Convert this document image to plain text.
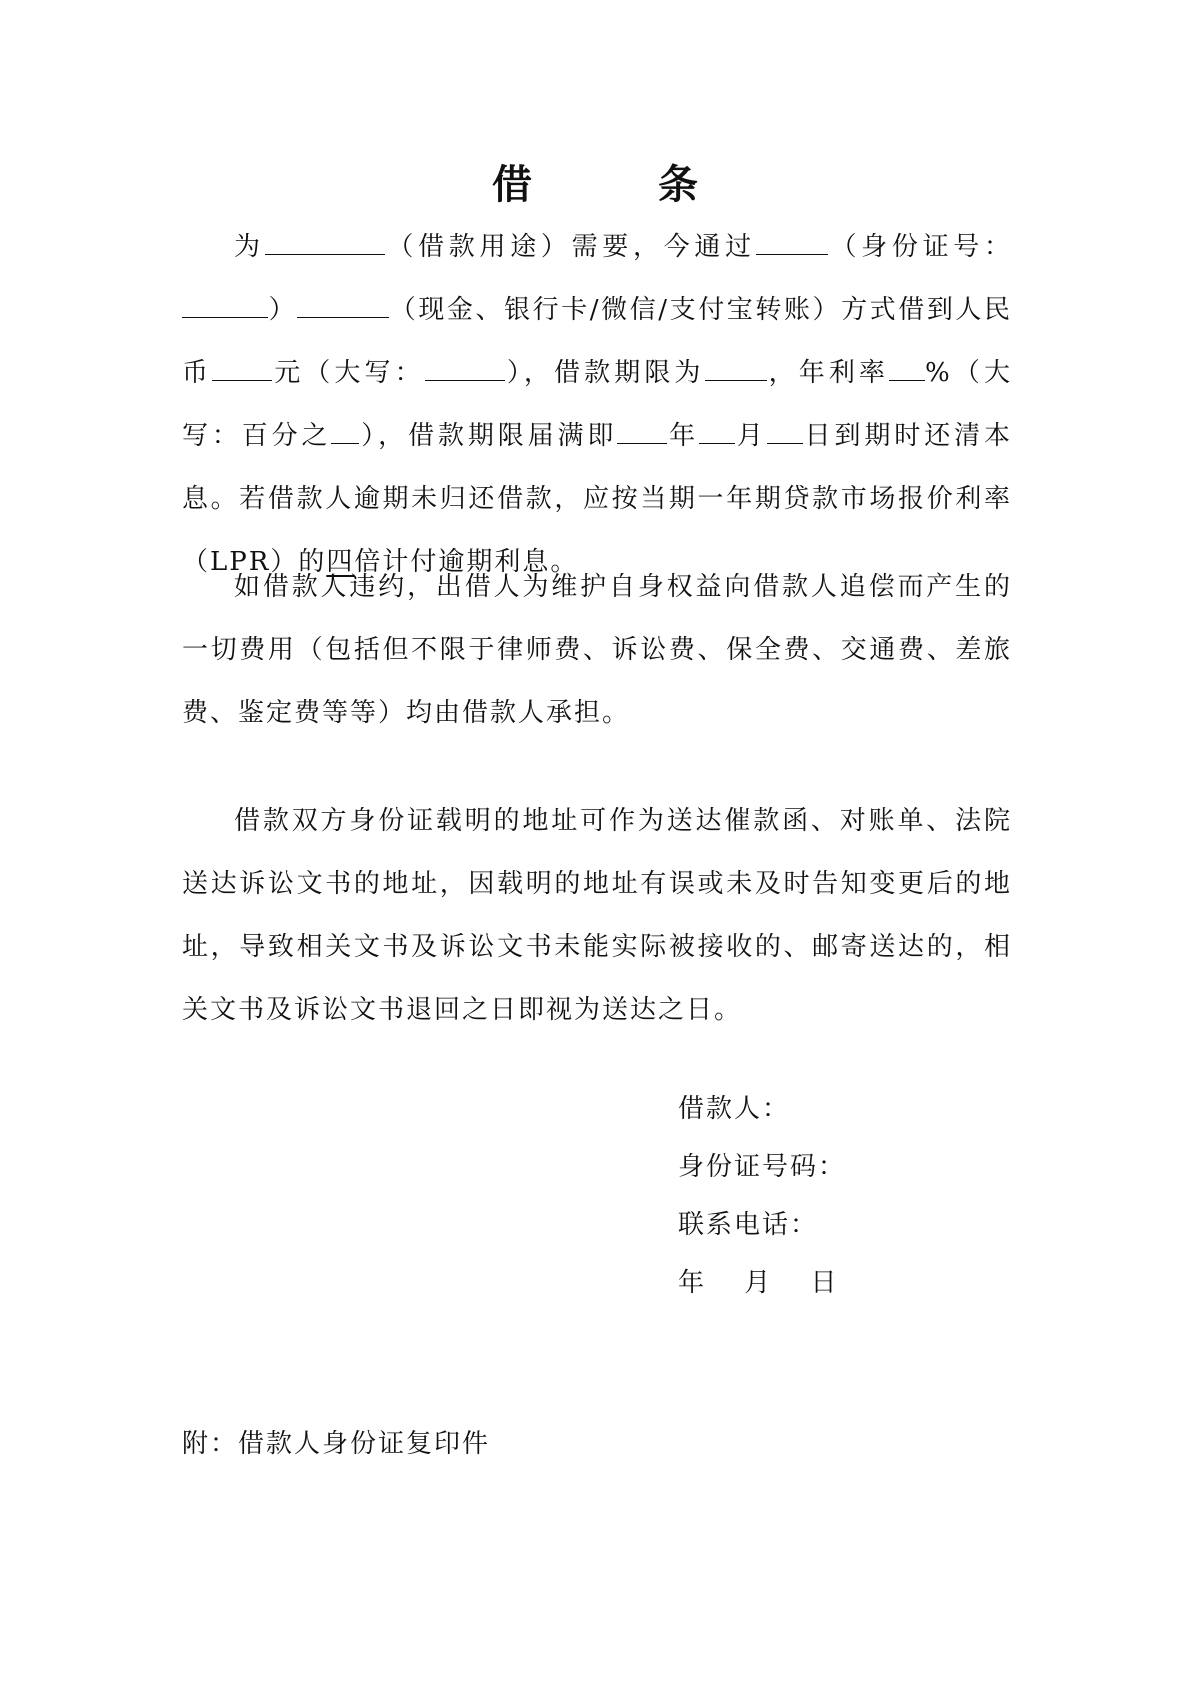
借 条

为	（借款用途）需要，今通过	（身份证号：）	（现金、银行卡/微信/支付宝转账）方式借到人民币 元（大写：	），借款期限为 ，年利率 %（大写：百分之 ），借款期限届满即 年 月 日到期时还清本息。若借款人逾期未归还借款，应按当期一年期贷款市场报价利率（LPR）的四倍计付逾期利息。

如借款人违约，出借人为维护自身权益向借款人追偿而产生的一切费用（包括但不限于律师费、诉讼费、保全费、交通费、差旅费、鉴定费等等）均由借款人承担。

借款双方身份证载明的地址可作为送达催款函、对账单、法院送达诉讼文书的地址，因载明的地址有误或未及时告知变更后的地址，导致相关文书及诉讼文书未能实际被接收的、邮寄送达的，相关文书及诉讼文书退回之日即视为送达之日。

借款人：
身份证号码：
联系电话：
年　 月　 日
附：借款人身份证复印件
